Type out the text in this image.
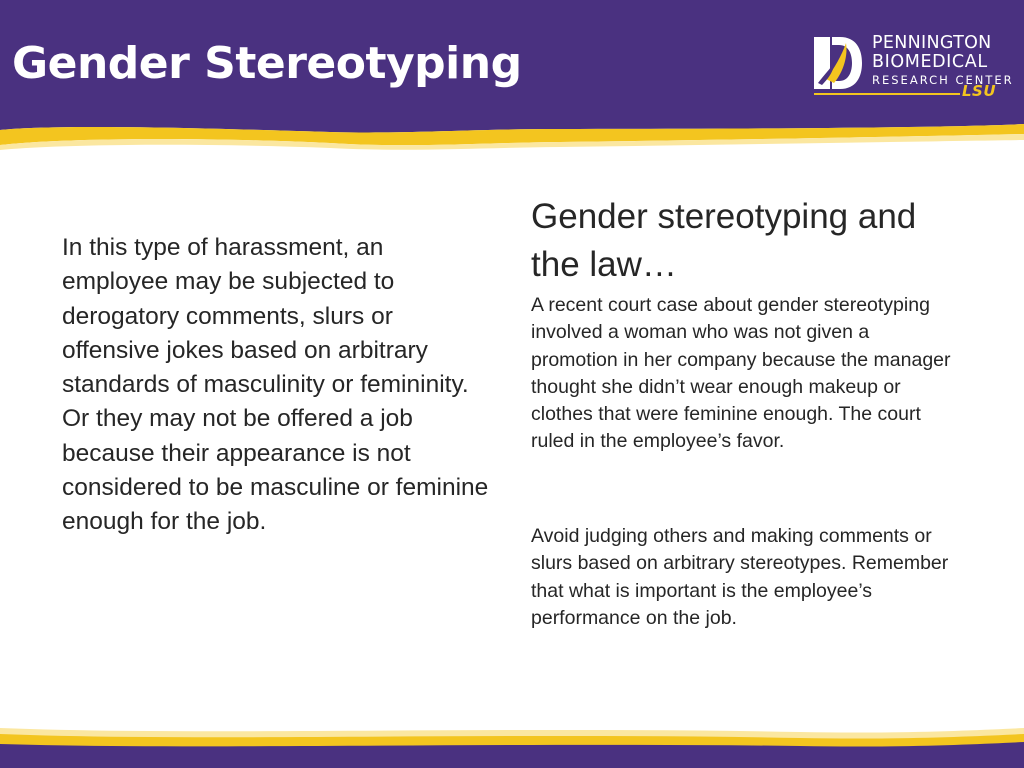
Gender Stereotyping	PENNINGTON
BIOMEDICAL
RESEARCH CENTER
LSU

In this type of harassment, an employee may be subjected to derogatory comments, slurs or offensive jokes based on arbitrary standards of masculinity or femininity. Or they may not be offered a job because their appearance is not considered to be masculine or feminine enough for the job.

Gender stereotyping and the law…

A recent court case about gender stereotyping involved a woman who was not given a promotion in her company because the manager thought she didn’t wear enough makeup or clothes that were feminine enough. The court ruled in the employee’s favor.

Avoid judging others and making comments or slurs based on arbitrary stereotypes. Remember that what is important is the employee’s performance on the job.
